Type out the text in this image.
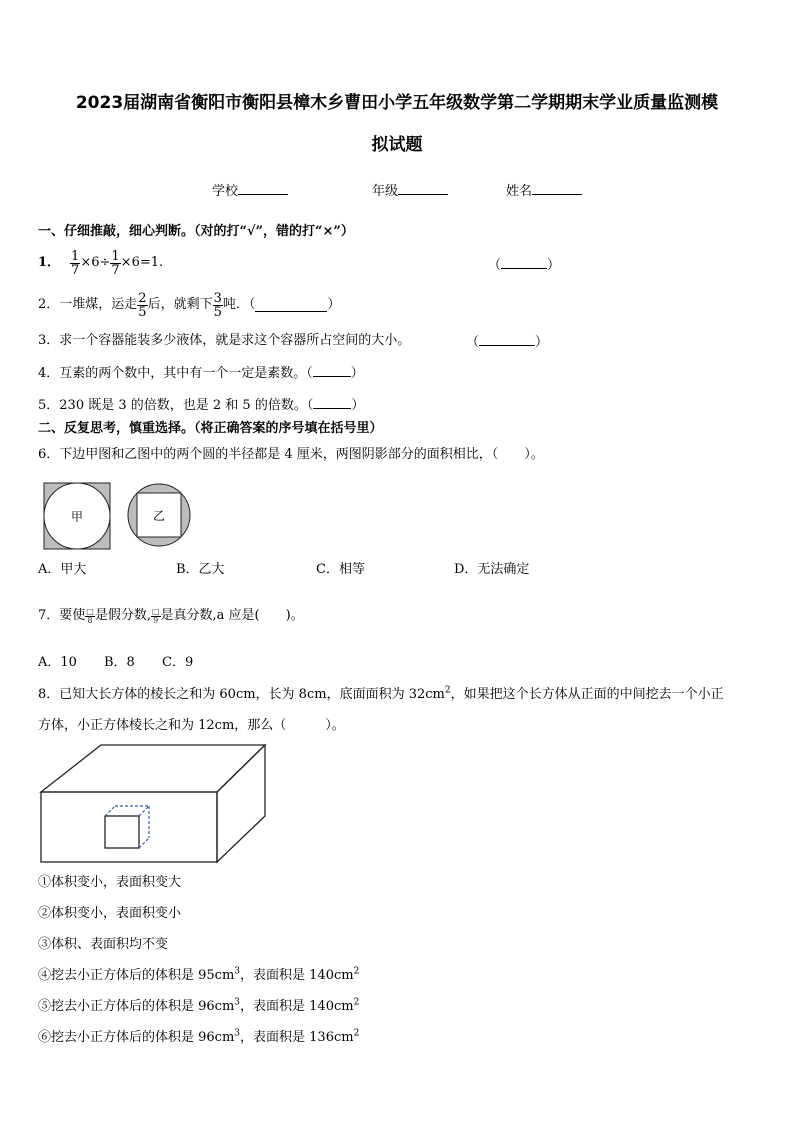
2023届湖南省衡阳市衡阳县樟木乡曹田小学五年级数学第二学期期末学业质量监测模
拟试题
学校	年级	姓名
一、仔细推敲，细心判断。（对的打“√”，错的打“×”）
1． $\frac{1}{7} \times 6\div \frac{1}{7} \times 6=1$.	（	）
2． 一堆煤，运走 $\frac{2}{5}$ 后，就剩下 $\frac{3}{5}$ 吨．（	）
3．求一个容器能装多少液体，就是求这个容器所占空间的大小。	（	）
4．互素的两个数中，其中有一个一定是素数。（	）
5．230 既是 3 的倍数，也是 2 和 5 的倍数。（	）
二、反复思考，慎重选择。（将正确答案的序号填在括号里）
6．下边甲图和乙图中的两个圆的半径都是 4 厘米，两图阴影部分的面积相比，（　　）。
甲	乙
A．甲大	B．乙大	C．相等	D．无法确定
7．要使 □
8 是假分数, □
9 是真分数,a 应是(　　)。
A．10 B．8 C．9
8．已知大长方体的棱长之和为 60cm，长为 8cm，底面面积为 $32cm^2$，如果把这个长方体从正面的中间挖去一个小正
方体，小正方体棱长之和为 12cm，那么（　　　）。
①体积变小，表面积变大
②体积变小，表面积变小
③体积、表面积均不变
④挖去小正方体后的体积是 $95cm^3$，表面积是 $140cm^2$
⑤挖去小正方体后的体积是 $96cm^3$，表面积是 $140cm^2$
⑥挖去小正方体后的体积是 $96cm^3$，表面积是 $136cm^2$
